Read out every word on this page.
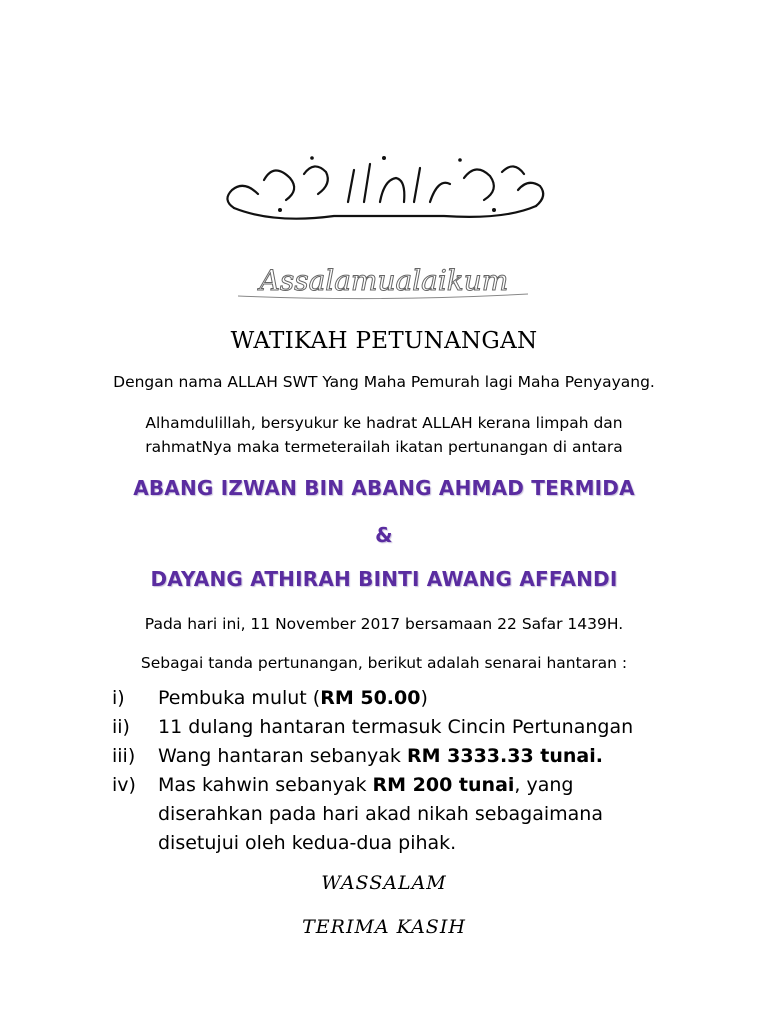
Assalamualaikum
WATIKAH PETUNANGAN
Dengan nama ALLAH SWT Yang Maha Pemurah lagi Maha Penyayang.
Alhamdulillah, bersyukur ke hadrat ALLAH kerana limpah dan
rahmatNya maka termeterailah ikatan pertunangan di antara
ABANG IZWAN BIN ABANG AHMAD TERMIDA
&
DAYANG ATHIRAH BINTI AWANG AFFANDI
Pada hari ini, 11 November 2017 bersamaan 22 Safar 1439H.
Sebagai tanda pertunangan, berikut adalah senarai hantaran :
i)	Pembuka mulut (RM 50.00)
ii)	11 dulang hantaran termasuk Cincin Pertunangan
iii)	Wang hantaran sebanyak RM 3333.33 tunai.
iv)	Mas kahwin sebanyak RM 200 tunai, yang
diserahkan pada hari akad nikah sebagaimana
disetujui oleh kedua-dua pihak.
WASSALAM
TERIMA KASIH
